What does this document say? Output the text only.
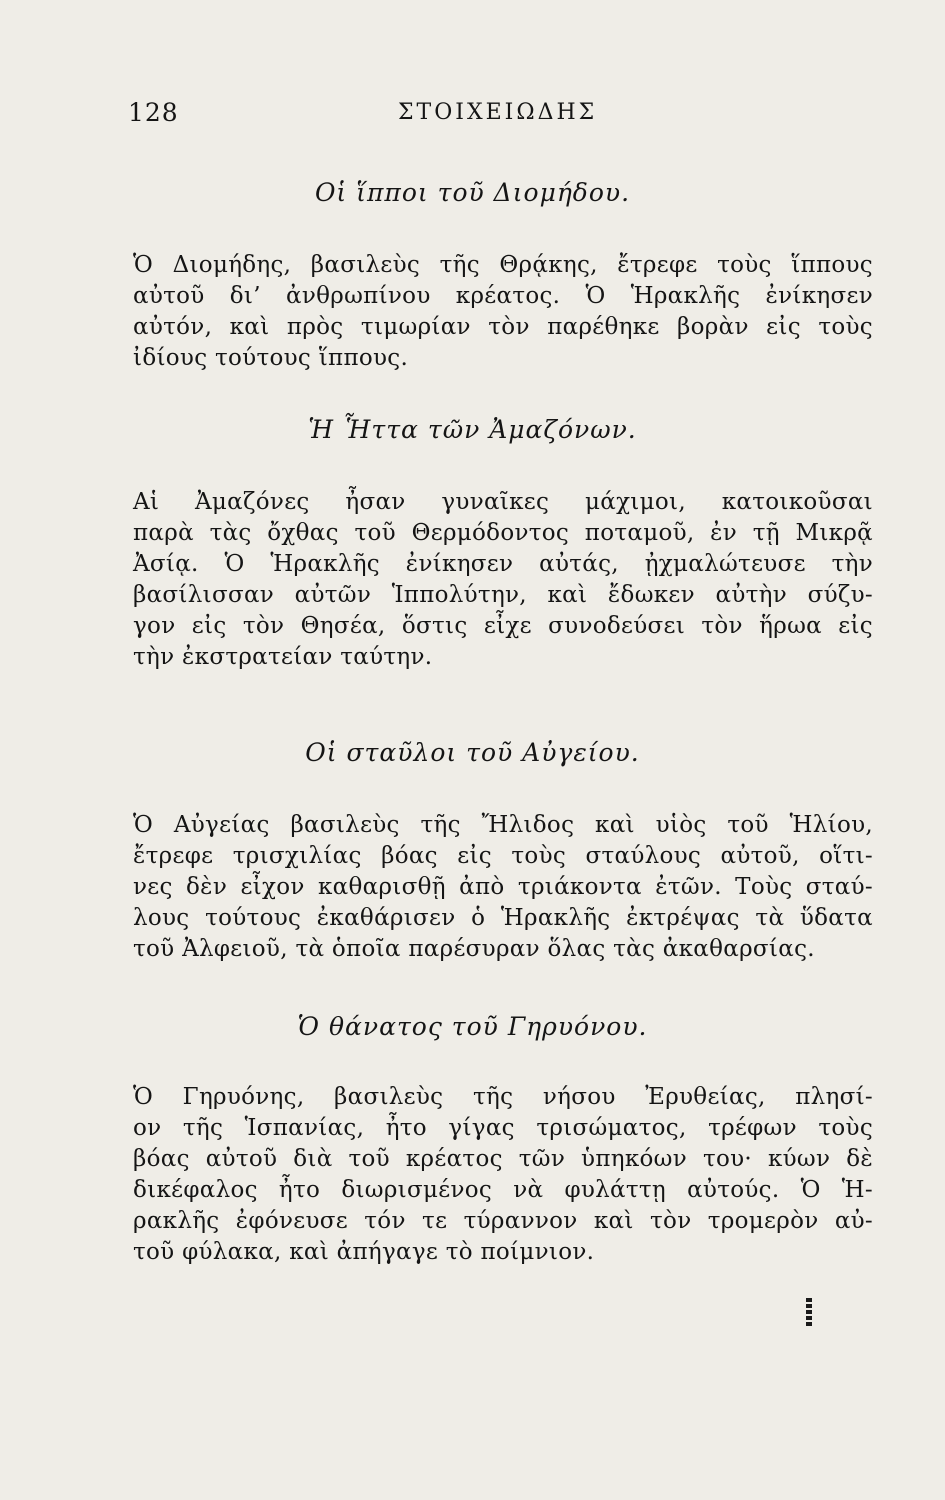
128	ΣΤΟΙΧΕΙΩΔΗΣ
Οἱ ἵπποι τοῦ Διομήδου.
Ὁ Διομήδης, βασιλεὺς τῆς Θρᾴκης, ἔτρεφε τοὺς ἵππους
αὐτοῦ δι’ ἀνθρωπίνου κρέατος. Ὁ Ἡρακλῆς ἐνίκησεν
αὐτόν, καὶ πρὸς τιμωρίαν τὸν παρέθηκε βορὰν εἰς τοὺς
ἰδίους τούτους ἵππους.
Ἡ Ἧττα τῶν Ἀμαζόνων.
Αἱ Ἀμαζόνες ἦσαν γυναῖκες μάχιμοι, κατοικοῦσαι
παρὰ τὰς ὄχθας τοῦ Θερμόδοντος ποταμοῦ, ἐν τῇ Μικρᾷ
Ἀσίᾳ. Ὁ Ἡρακλῆς ἐνίκησεν αὐτάς, ᾐχμαλώτευσε τὴν
βασίλισσαν αὐτῶν Ἱππολύτην, καὶ ἔδωκεν αὐτὴν σύζυ-
γον εἰς τὸν Θησέα, ὅστις εἶχε συνοδεύσει τὸν ἥρωα εἰς
τὴν ἐκστρατείαν ταύτην.
Οἱ σταῦλοι τοῦ Αὐγείου.
Ὁ Αὐγείας βασιλεὺς τῆς Ἤλιδος καὶ υἱὸς τοῦ Ἡλίου,
ἔτρεφε τρισχιλίας βόας εἰς τοὺς σταύλους αὐτοῦ, οἵτι-
νες δὲν εἶχον καθαρισθῇ ἀπὸ τριάκοντα ἐτῶν. Τοὺς σταύ-
λους τούτους ἐκαθάρισεν ὁ Ἡρακλῆς ἐκτρέψας τὰ ὕδατα
τοῦ Ἀλφειοῦ, τὰ ὁποῖα παρέσυραν ὅλας τὰς ἀκαθαρσίας.
Ὁ θάνατος τοῦ Γηρυόνου.
Ὁ Γηρυόνης, βασιλεὺς τῆς νήσου Ἐρυθείας, πλησί-
ον τῆς Ἱσπανίας, ἦτο γίγας τρισώματος, τρέφων τοὺς
βόας αὐτοῦ διὰ τοῦ κρέατος τῶν ὑπηκόων του· κύων δὲ
δικέφαλος ἦτο διωρισμένος νὰ φυλάττῃ αὐτούς. Ὁ Ἡ-
ρακλῆς ἐφόνευσε τόν τε τύραννον καὶ τὸν τρομερὸν αὐ-
τοῦ φύλακα, καὶ ἀπήγαγε τὸ ποίμνιον.
